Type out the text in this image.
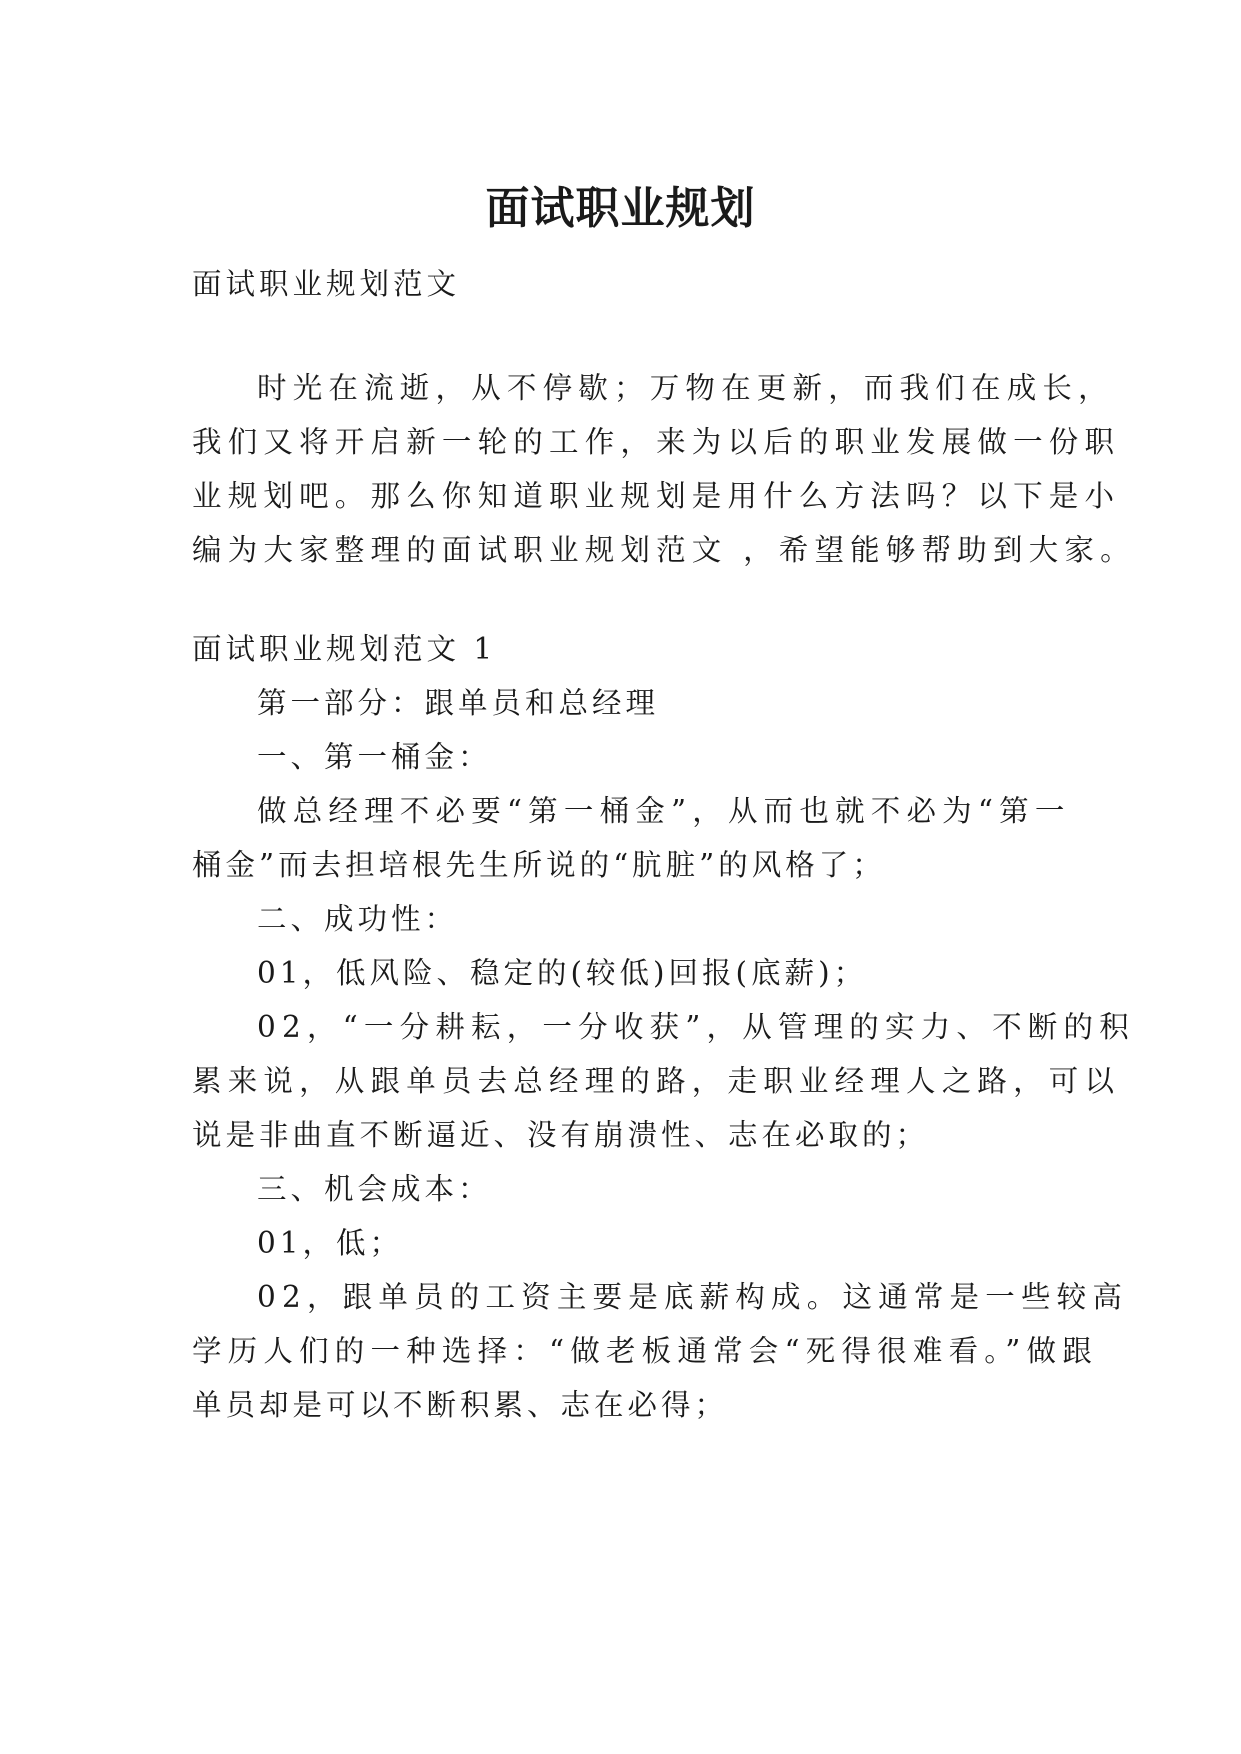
面试职业规划

面试职业规划范文

时光在流逝，从不停歇；万物在更新，而我们在成长，

我们又将开启新一轮的工作，来为以后的职业发展做一份职

业规划吧。那么你知道职业规划是用什么方法吗？以下是小

编为大家整理的面试职业规划范文 ，希望能够帮助到大家。

面试职业规划范文 1

第一部分：跟单员和总经理

一、第一桶金：

做总经理不必要“第一桶金”，从而也就不必为“第一

桶金”而去担培根先生所说的“肮脏”的风格了；

二、成功性：

01，低风险、稳定的(较低)回报(底薪)；

02，“一分耕耘，一分收获”，从管理的实力、不断的积

累来说，从跟单员去总经理的路，走职业经理人之路，可以

说是非曲直不断逼近、没有崩溃性、志在必取的；

三、机会成本：

01，低；

02，跟单员的工资主要是底薪构成。这通常是一些较高

学历人们的一种选择：“做老板通常会“死得很难看。”做跟

单员却是可以不断积累、志在必得；
